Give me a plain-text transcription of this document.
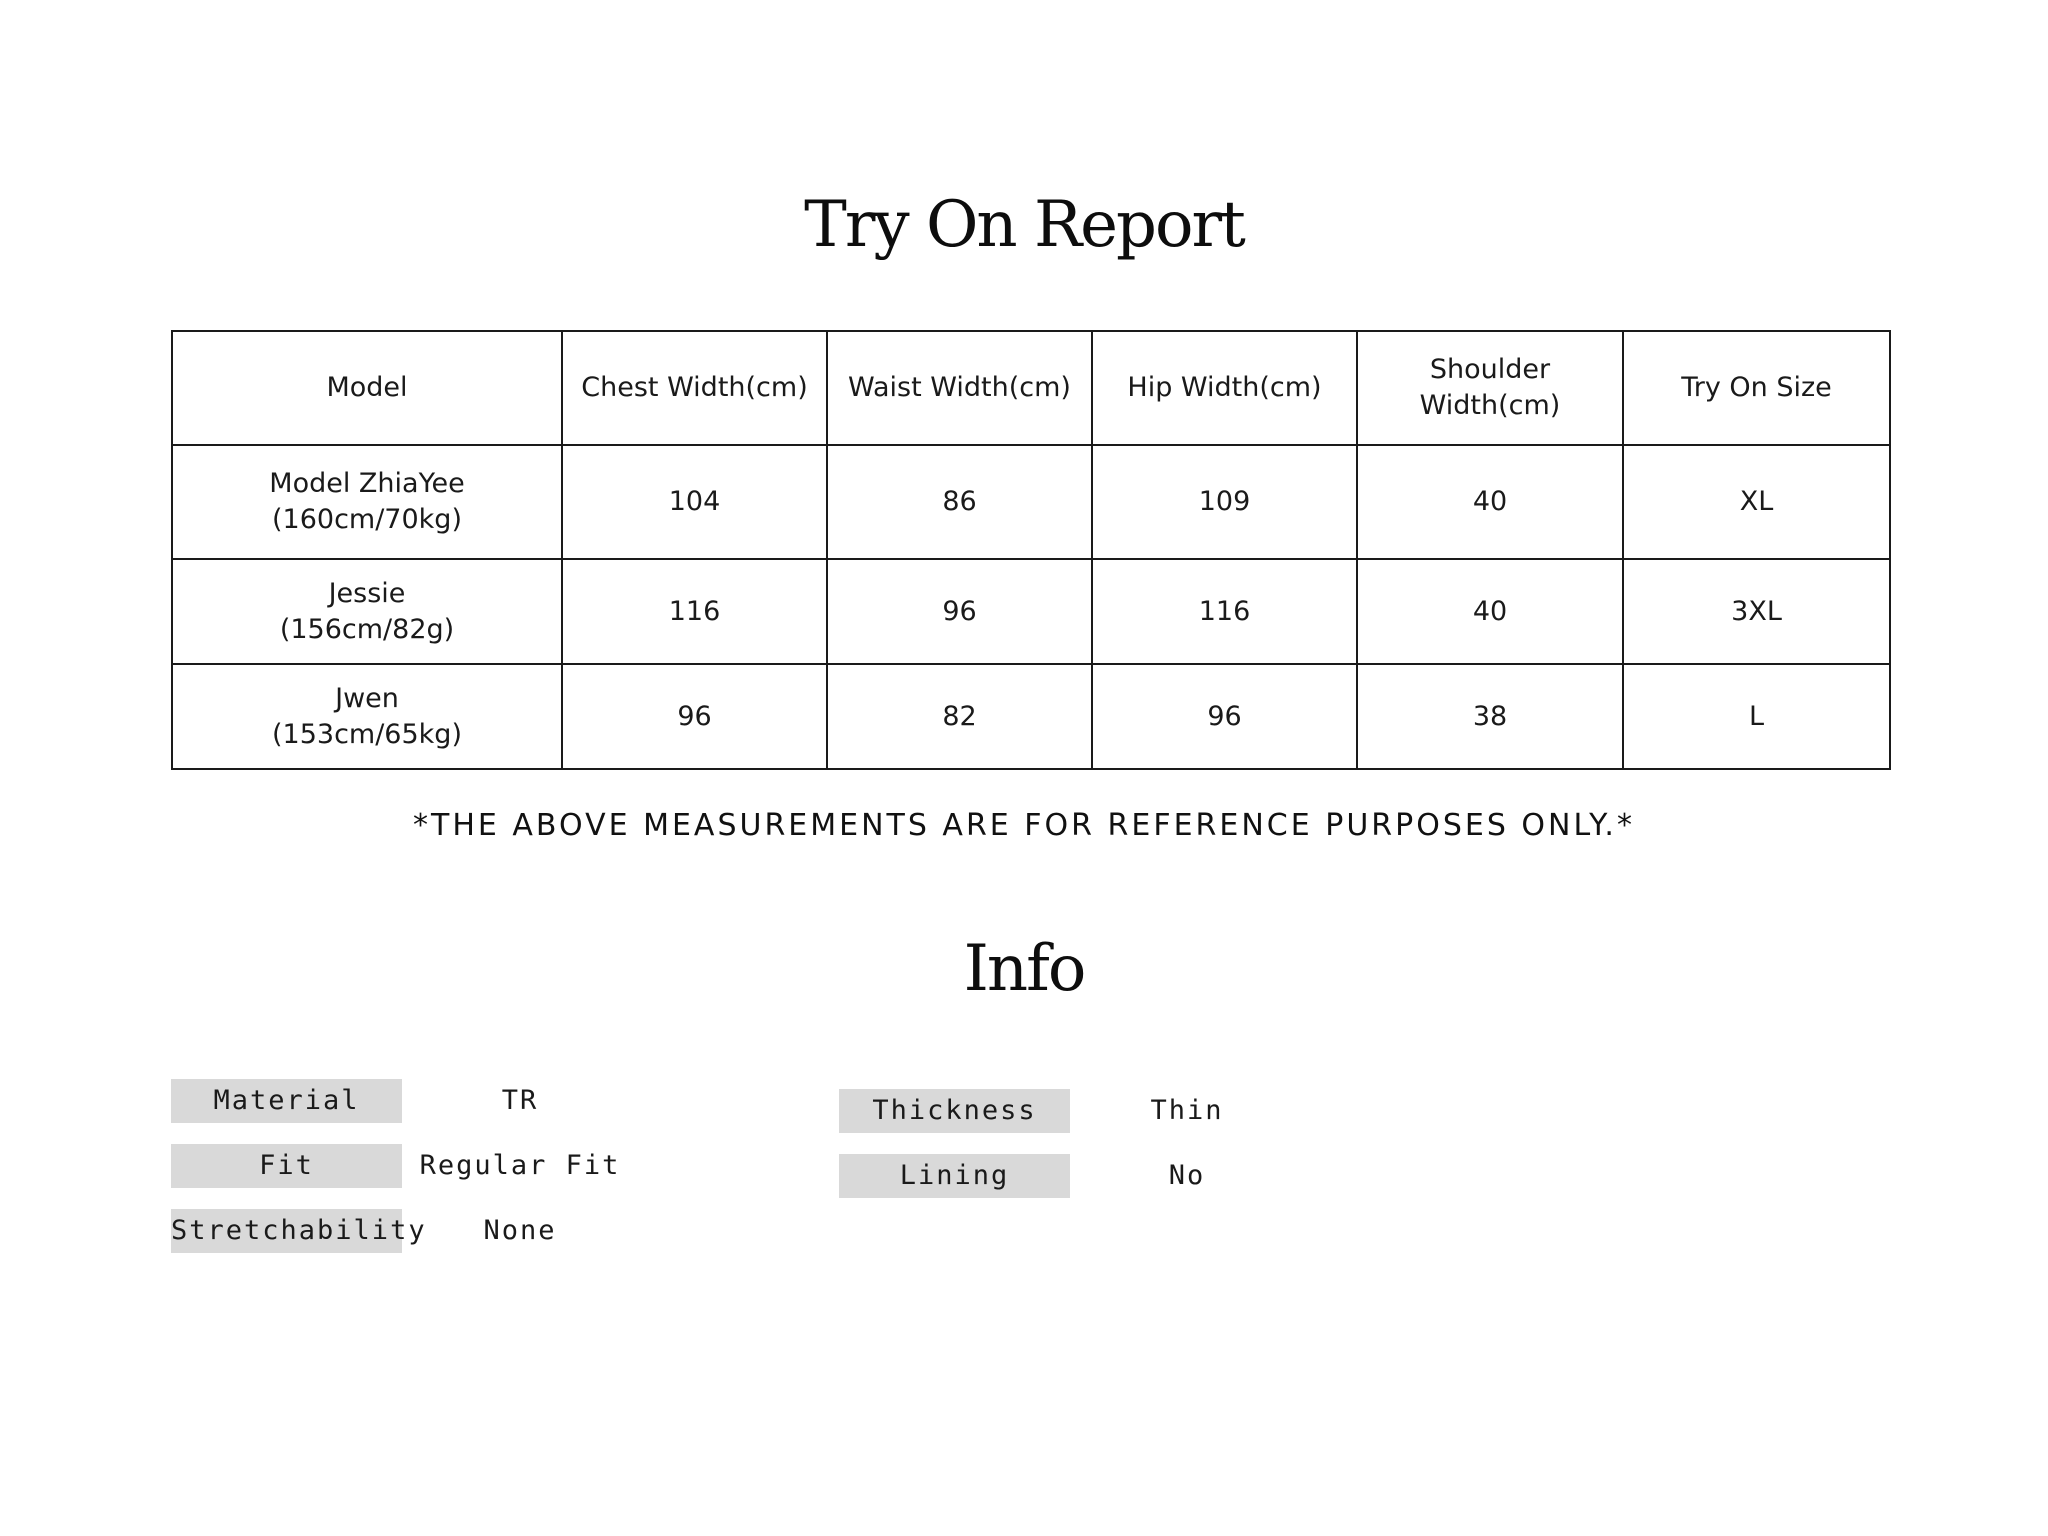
Try On Report
Model	Chest Width(cm)	Waist Width(cm)	Hip Width(cm)	Shoulder Width(cm)	Try On Size

Model ZhiaYee
(160cm/70kg)	104	86	109	40	XL

Jessie
(156cm/82g)	116	96	116	40	3XL

Jwen
(153cm/65kg)	96	82	96	38	L
*THE ABOVE MEASUREMENTS ARE FOR REFERENCE PURPOSES ONLY.*
Info
Material	TR
Fit	Regular Fit
Stretchability	None
Thickness	Thin
Lining	No
